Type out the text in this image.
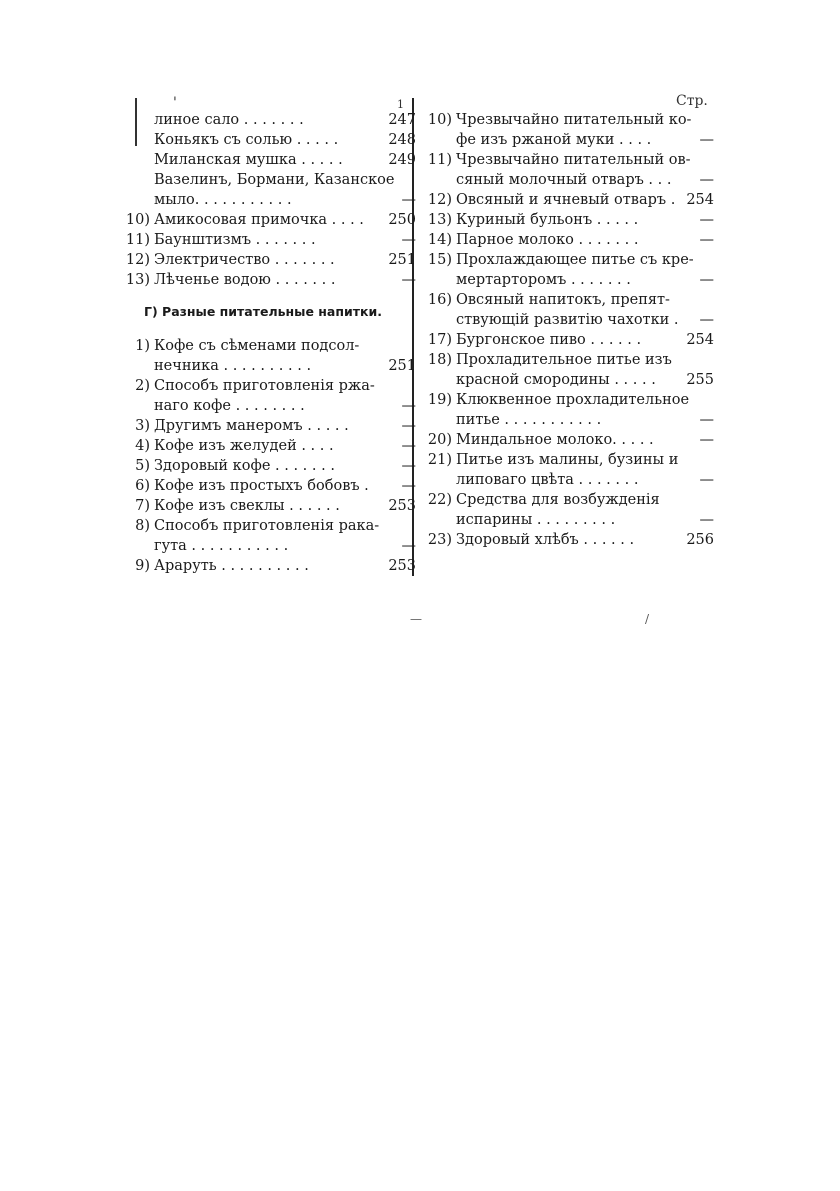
'	1	Стр.
линое сало . . . . . . .	247
Коньякъ съ солью . . . . .	248
Миланская мушка . . . . .	249
Вазелинъ, Бормани, Казанское
мыло. . . . . . . . . . .	—
10) Амикосовая примочка . . . .	250
11) Баунштизмъ . . . . . . .	—
12) Электричество . . . . . . .	251
13) Лѣченье водою . . . . . . .	—
Г) Разные питательные напитки.
1) Кофе съ сѣменами подсол-
нечника . . . . . . . . . .	251
2) Способъ приготовленія ржа-
наго кофе . . . . . . . .	—
3) Другимъ манеромъ . . . . .	—
4) Кофе изъ желудей . . . .	—
5) Здоровый кофе . . . . . . .	—
6) Кофе изъ простыхъ бобовъ .	—
7) Кофе изъ свеклы . . . . . .	253
8) Способъ приготовленія рака-
гута . . . . . . . . . . .	—
9) Араруть . . . . . . . . . .	253
10) Чрезвычайно питательный ко-
фе изъ ржаной муки . . . .	—
11) Чрезвычайно питательный ов-
сяный молочный отваръ . . .	—
12) Овсяный и ячневый отваръ . 254
13) Куриный бульонъ . . . . .	—
14) Парное молоко . . . . . . .	—
15) Прохлаждающее питье съ кре-
мертарторомъ . . . . . . .	—
16) Овсяный напитокъ, препят-
ствующій развитію чахотки .	—
17) Бургонское пиво . . . . . .	254
18) Прохладительное питье изъ
красной смородины . . . . .	255
19) Клюквенное прохладительное
питье . . . . . . . . . . .	—
20) Миндальное молоко. . . . .	—
21) Питье изъ малины, бузины и
липоваго цвѣта . . . . . . .	—
22) Средства для возбужденія
испарины . . . . . . . . .	—
23) Здоровый хлѣбъ . . . . . .	256
—	/
